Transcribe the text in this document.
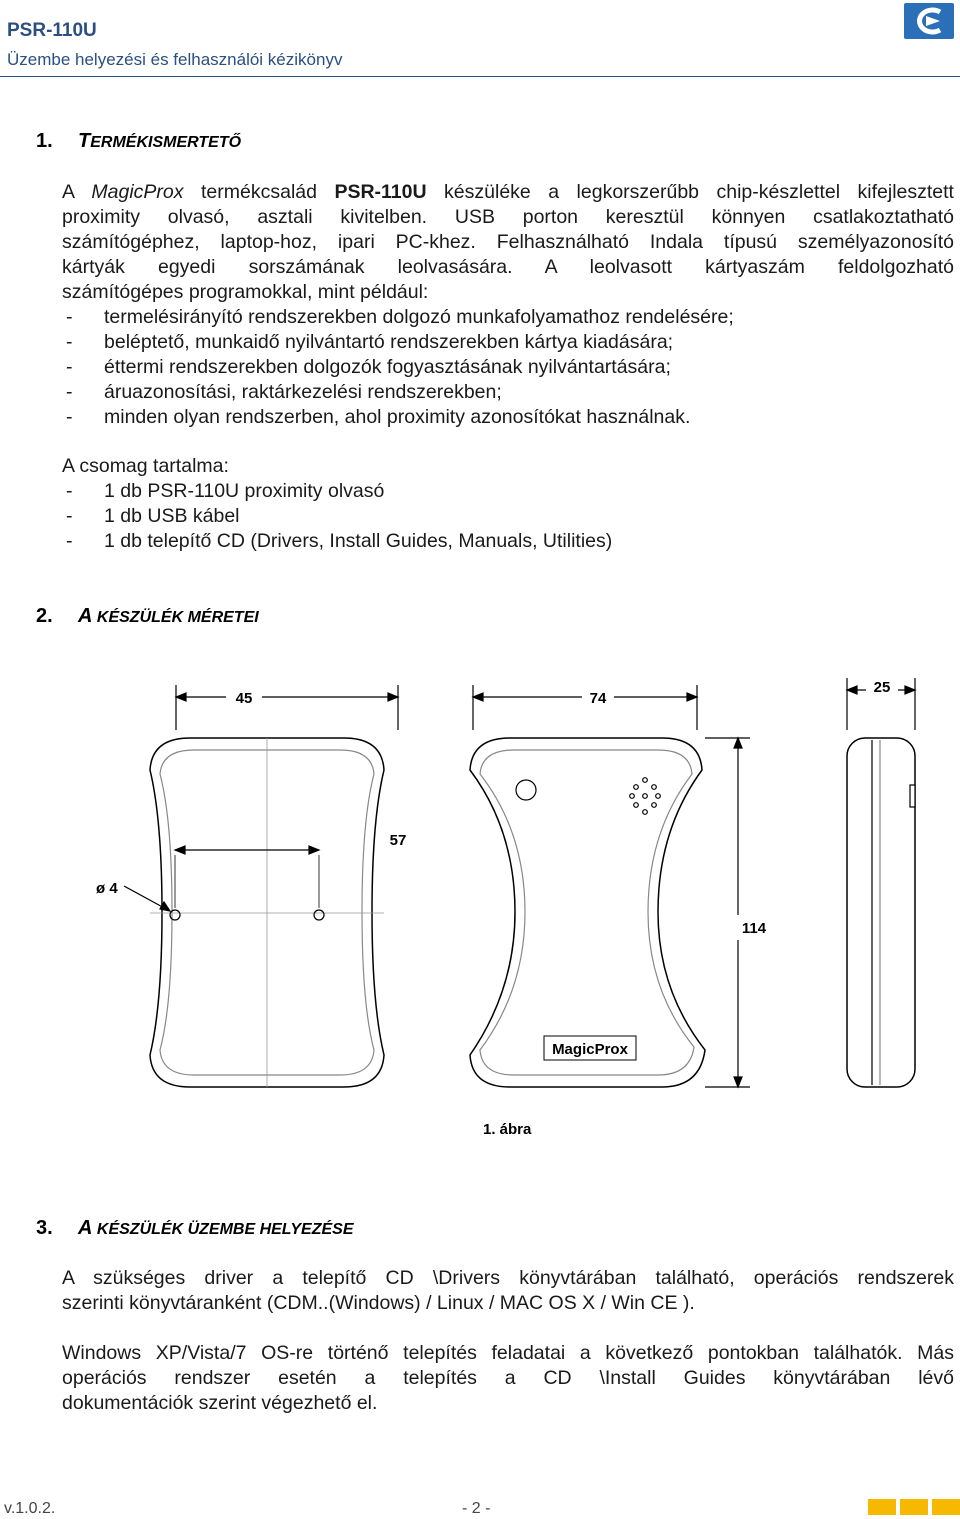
PSR-110U
Üzembe helyezési és felhasználói kézikönyv
1. TERMÉKISMERTETŐ
A MagicProx termékcsalád PSR-110U készüléke a legkorszerűbb chip-készlettel kifejlesztett
proximity olvasó, asztali kivitelben. USB porton keresztül könnyen csatlakoztatható
számítógéphez, laptop-hoz, ipari PC-khez. Felhasználható Indala típusú személyazonosító
kártyák egyedi sorszámának leolvasására. A leolvasott kártyaszám feldolgozható
számítógépes programokkal, mint például:
- termelésirányító rendszerekben dolgozó munkafolyamathoz rendelésére;
- beléptető, munkaidő nyilvántartó rendszerekben kártya kiadására;
- éttermi rendszerekben dolgozók fogyasztásának nyilvántartására;
- áruazonosítási, raktárkezelési rendszerekben;
- minden olyan rendszerben, ahol proximity azonosítókat használnak.
A csomag tartalma:
- 1 db PSR-110U proximity olvasó
- 1 db USB kábel
- 1 db telepítő CD (Drivers, Install Guides, Manuals, Utilities)
2. A KÉSZÜLÉK MÉRETEI
45	74
25
57
114
ø 4
MagicProx
1. ábra
3. A KÉSZÜLÉK ÜZEMBE HELYEZÉSE
A szükséges driver a telepítő CD \Drivers könyvtárában található, operációs rendszerek
szerinti könyvtáranként (CDM..(Windows) / Linux / MAC OS X / Win CE ).
Windows XP/Vista/7 OS-re történő telepítés feladatai a következő pontokban találhatók. Más
operációs rendszer esetén a telepítés a CD \Install Guides könyvtárában lévő
dokumentációk szerint végezhető el.
v.1.0.2.	- 2 -
